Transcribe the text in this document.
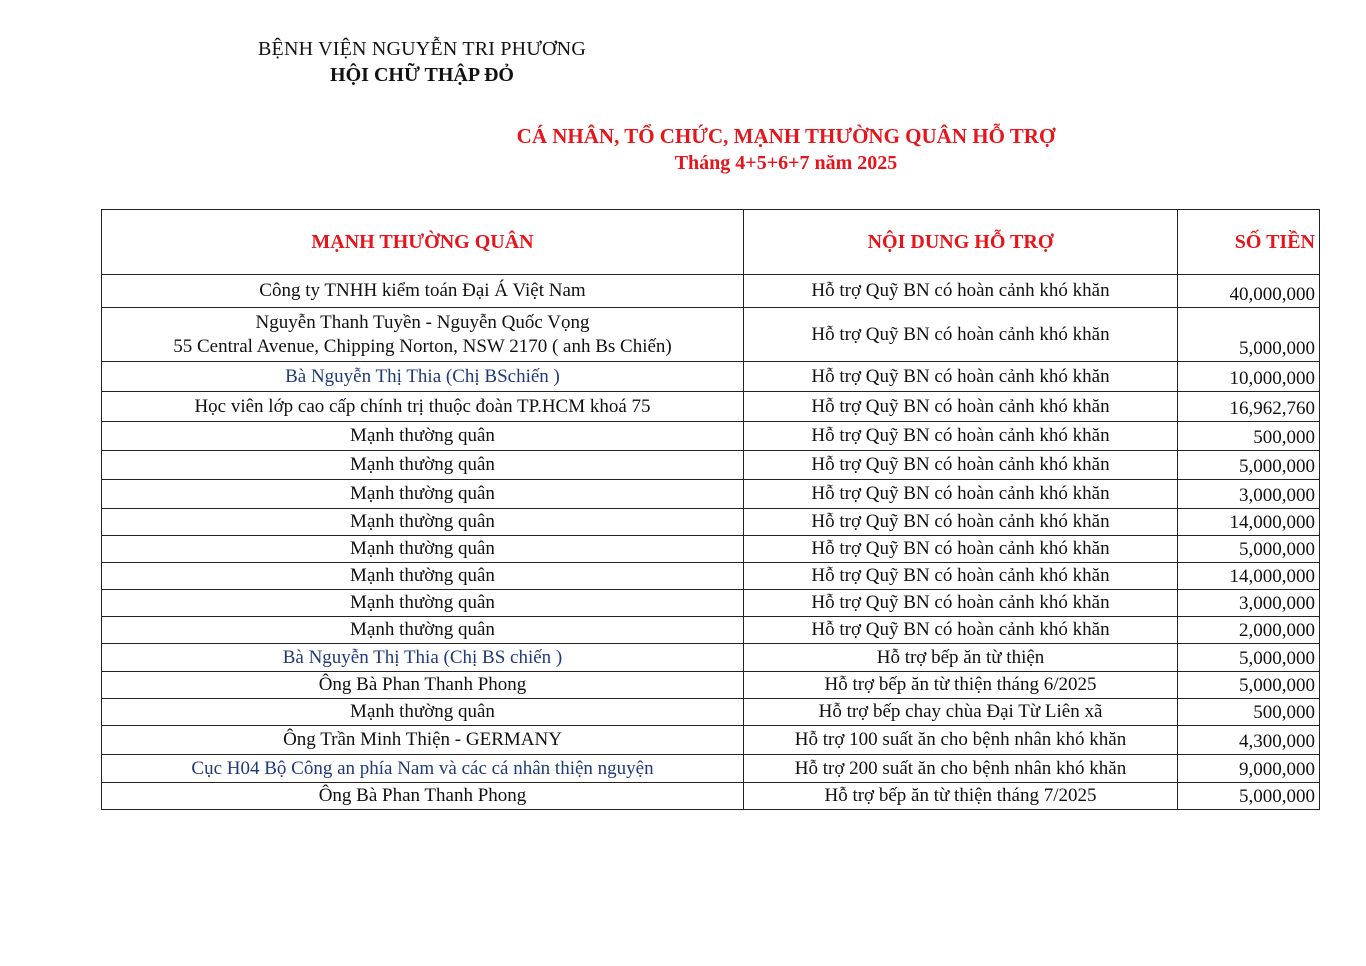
BỆNH VIỆN NGUYỄN TRI PHƯƠNG
HỘI CHỮ THẬP ĐỎ
CÁ NHÂN, TỔ CHỨC, MẠNH THƯỜNG QUÂN HỖ TRỢ
Tháng 4+5+6+7 năm 2025
MẠNH THƯỜNG QUÂN	NỘI DUNG HỖ TRỢ	SỐ TIỀN

Công ty TNHH kiểm toán Đại Á Việt Nam	Hỗ trợ Quỹ BN có hoàn cảnh khó khăn	40,000,000

Nguyễn Thanh Tuyền - Nguyễn Quốc Vọng
55 Central Avenue, Chipping Norton, NSW 2170 ( anh Bs Chiến)	Hỗ trợ Quỹ BN có hoàn cảnh khó khăn	5,000,000

Bà Nguyễn Thị Thia (Chị BSchiến )	Hỗ trợ Quỹ BN có hoàn cảnh khó khăn	10,000,000

Học viên lớp cao cấp chính trị thuộc đoàn TP.HCM khoá 75	Hỗ trợ Quỹ BN có hoàn cảnh khó khăn	16,962,760

Mạnh thường quân	Hỗ trợ Quỹ BN có hoàn cảnh khó khăn	500,000

Mạnh thường quân	Hỗ trợ Quỹ BN có hoàn cảnh khó khăn	5,000,000

Mạnh thường quân	Hỗ trợ Quỹ BN có hoàn cảnh khó khăn	3,000,000

Mạnh thường quân	Hỗ trợ Quỹ BN có hoàn cảnh khó khăn	14,000,000

Mạnh thường quân	Hỗ trợ Quỹ BN có hoàn cảnh khó khăn	5,000,000

Mạnh thường quân	Hỗ trợ Quỹ BN có hoàn cảnh khó khăn	14,000,000

Mạnh thường quân	Hỗ trợ Quỹ BN có hoàn cảnh khó khăn	3,000,000

Mạnh thường quân	Hỗ trợ Quỹ BN có hoàn cảnh khó khăn	2,000,000

Bà Nguyễn Thị Thia (Chị BS chiến )	Hỗ trợ bếp ăn từ thiện	5,000,000

Ông Bà Phan Thanh Phong	Hỗ trợ bếp ăn từ thiện tháng 6/2025	5,000,000

Mạnh thường quân	Hỗ trợ bếp chay chùa Đại Từ Liên xã	500,000

Ông Trần Minh Thiện - GERMANY	Hỗ trợ 100 suất ăn cho bệnh nhân khó khăn	4,300,000

Cục H04 Bộ Công an phía Nam và các cá nhân thiện nguyện	Hỗ trợ 200 suất ăn cho bệnh nhân khó khăn	9,000,000

Ông Bà Phan Thanh Phong	Hỗ trợ bếp ăn từ thiện tháng 7/2025	5,000,000
